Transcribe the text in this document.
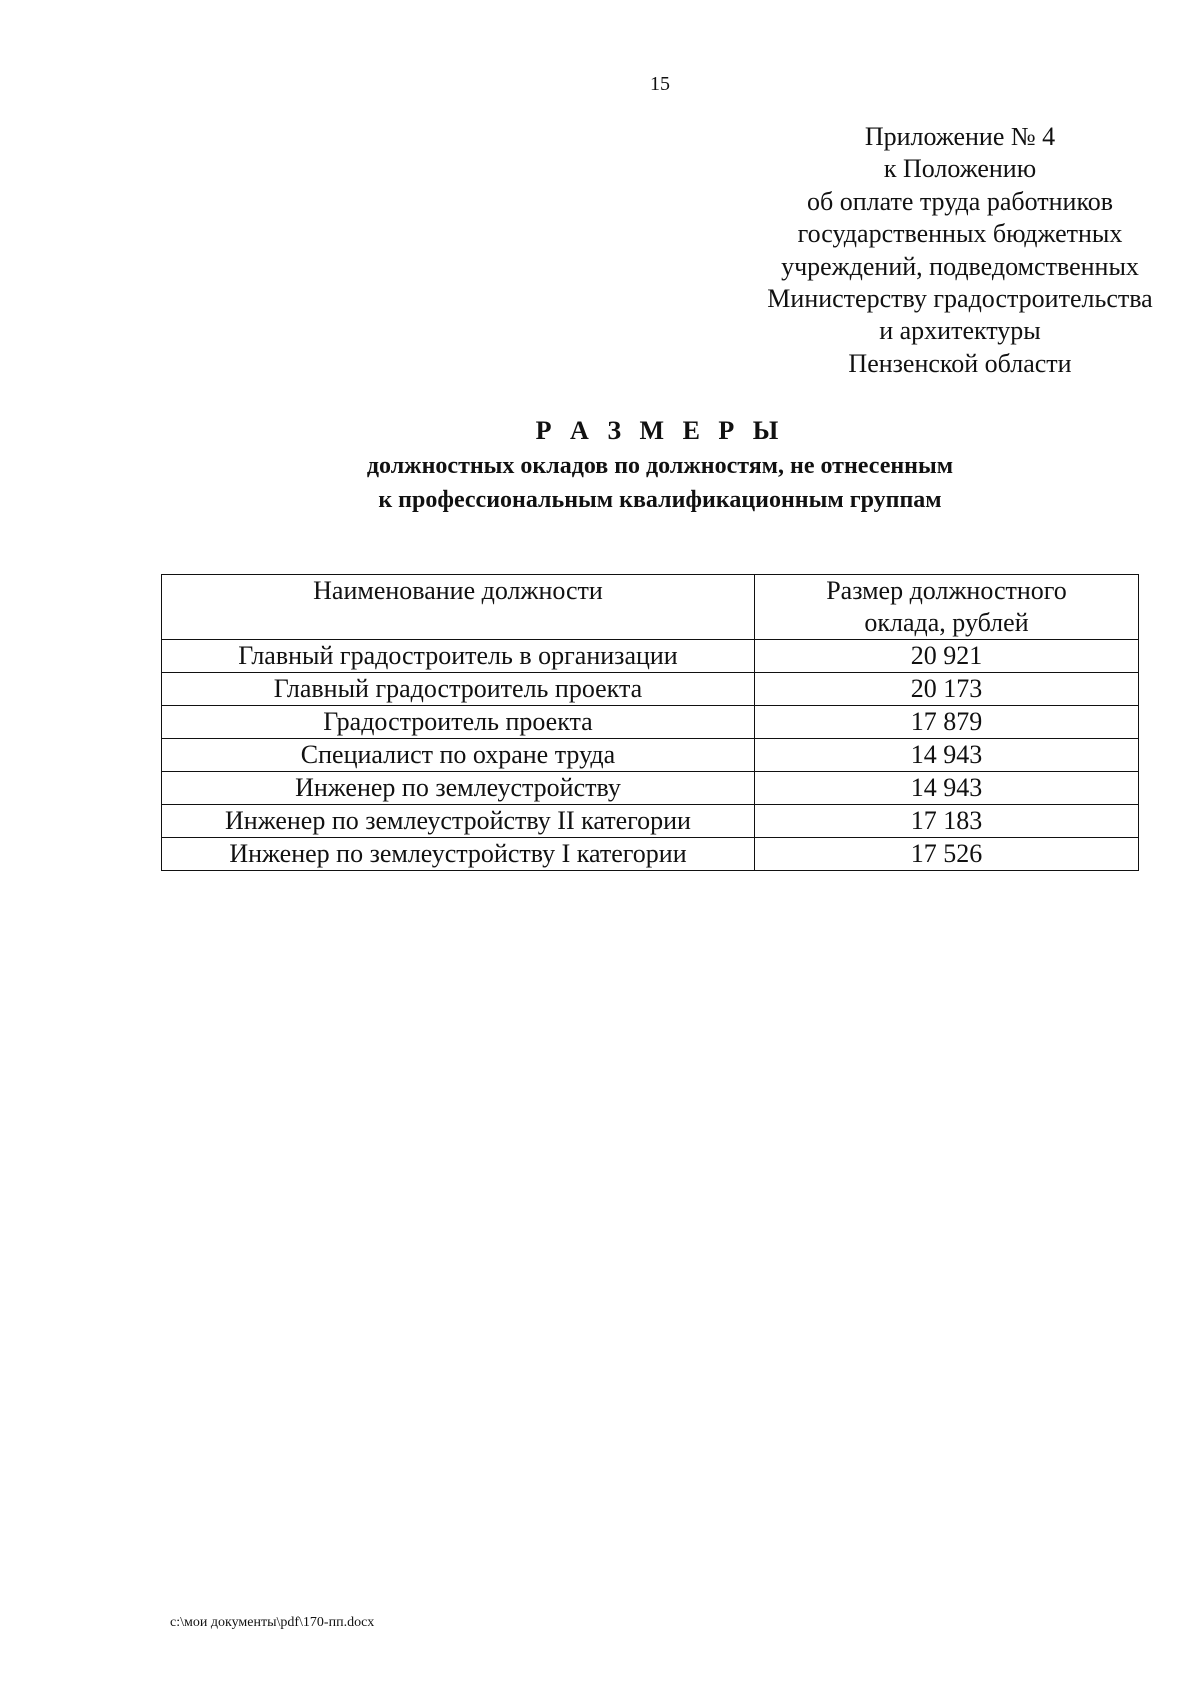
15
Приложение № 4
к Положению
об оплате труда работников
государственных бюджетных
учреждений, подведомственных
Министерству градостроительства
и архитектуры
Пензенской области
Р А З М Е Р Ы
должностных окладов по должностям, не отнесенным
к профессиональным квалификационным группам
Наименование должности	Размер должностного
оклада, рублей

Главный градостроитель в организации	20 921
Главный градостроитель проекта	20 173
Градостроитель проекта	17 879
Специалист по охране труда	14 943
Инженер по землеустройству	14 943
Инженер по землеустройству II категории	17 183
Инженер по землеустройству I категории	17 526
c:\мои документы\pdf\170-пп.docx
